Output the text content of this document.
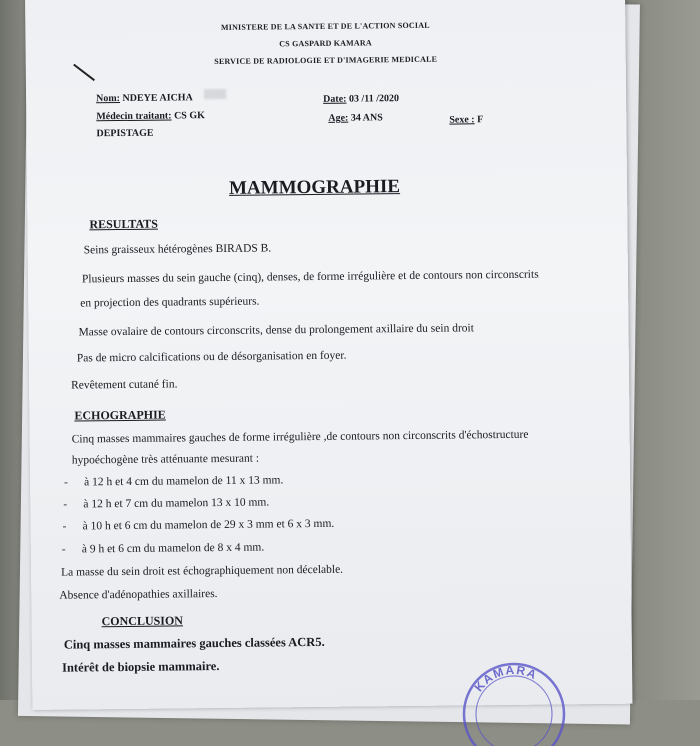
MINISTERE DE LA SANTE ET DE L'ACTION SOCIAL
CS GASPARD KAMARA
SERVICE DE RADIOLOGIE ET D'IMAGERIE MEDICALE
Nom: NDEYE AICHA
Médecin traitant: CS GK
DEPISTAGE
Date: 03 /11 /2020
Age: 34 ANS	Sexe : F
MAMMOGRAPHIE
RESULTATS
Seins graisseux hétérogènes BIRADS B.
Plusieurs masses du sein gauche (cinq), denses, de forme irrégulière et de contours non circonscrits
en projection des quadrants supérieurs.
Masse ovalaire de contours circonscrits, dense du prolongement axillaire du sein droit
Pas de micro calcifications ou de désorganisation en foyer.
Revêtement cutané fin.
ECHOGRAPHIE
Cinq masses mammaires gauches de forme irrégulière ,de contours non circonscrits d'échostructure
hypoéchogène très atténuante mesurant :
- à 12 h et 4 cm du mamelon de 11 x 13 mm.
- à 12 h et 7 cm du mamelon 13 x 10 mm.
- à 10 h et 6 cm du mamelon de 29 x 3 mm et 6 x 3 mm.
- à 9 h et 6 cm du mamelon de 8 x 4 mm.
La masse du sein droit est échographiquement non décelable.
Absence d'adénopathies axillaires.
CONCLUSION
Cinq masses mammaires gauches classées ACR5.
Intérêt de biopsie mammaire.
KAMARA
